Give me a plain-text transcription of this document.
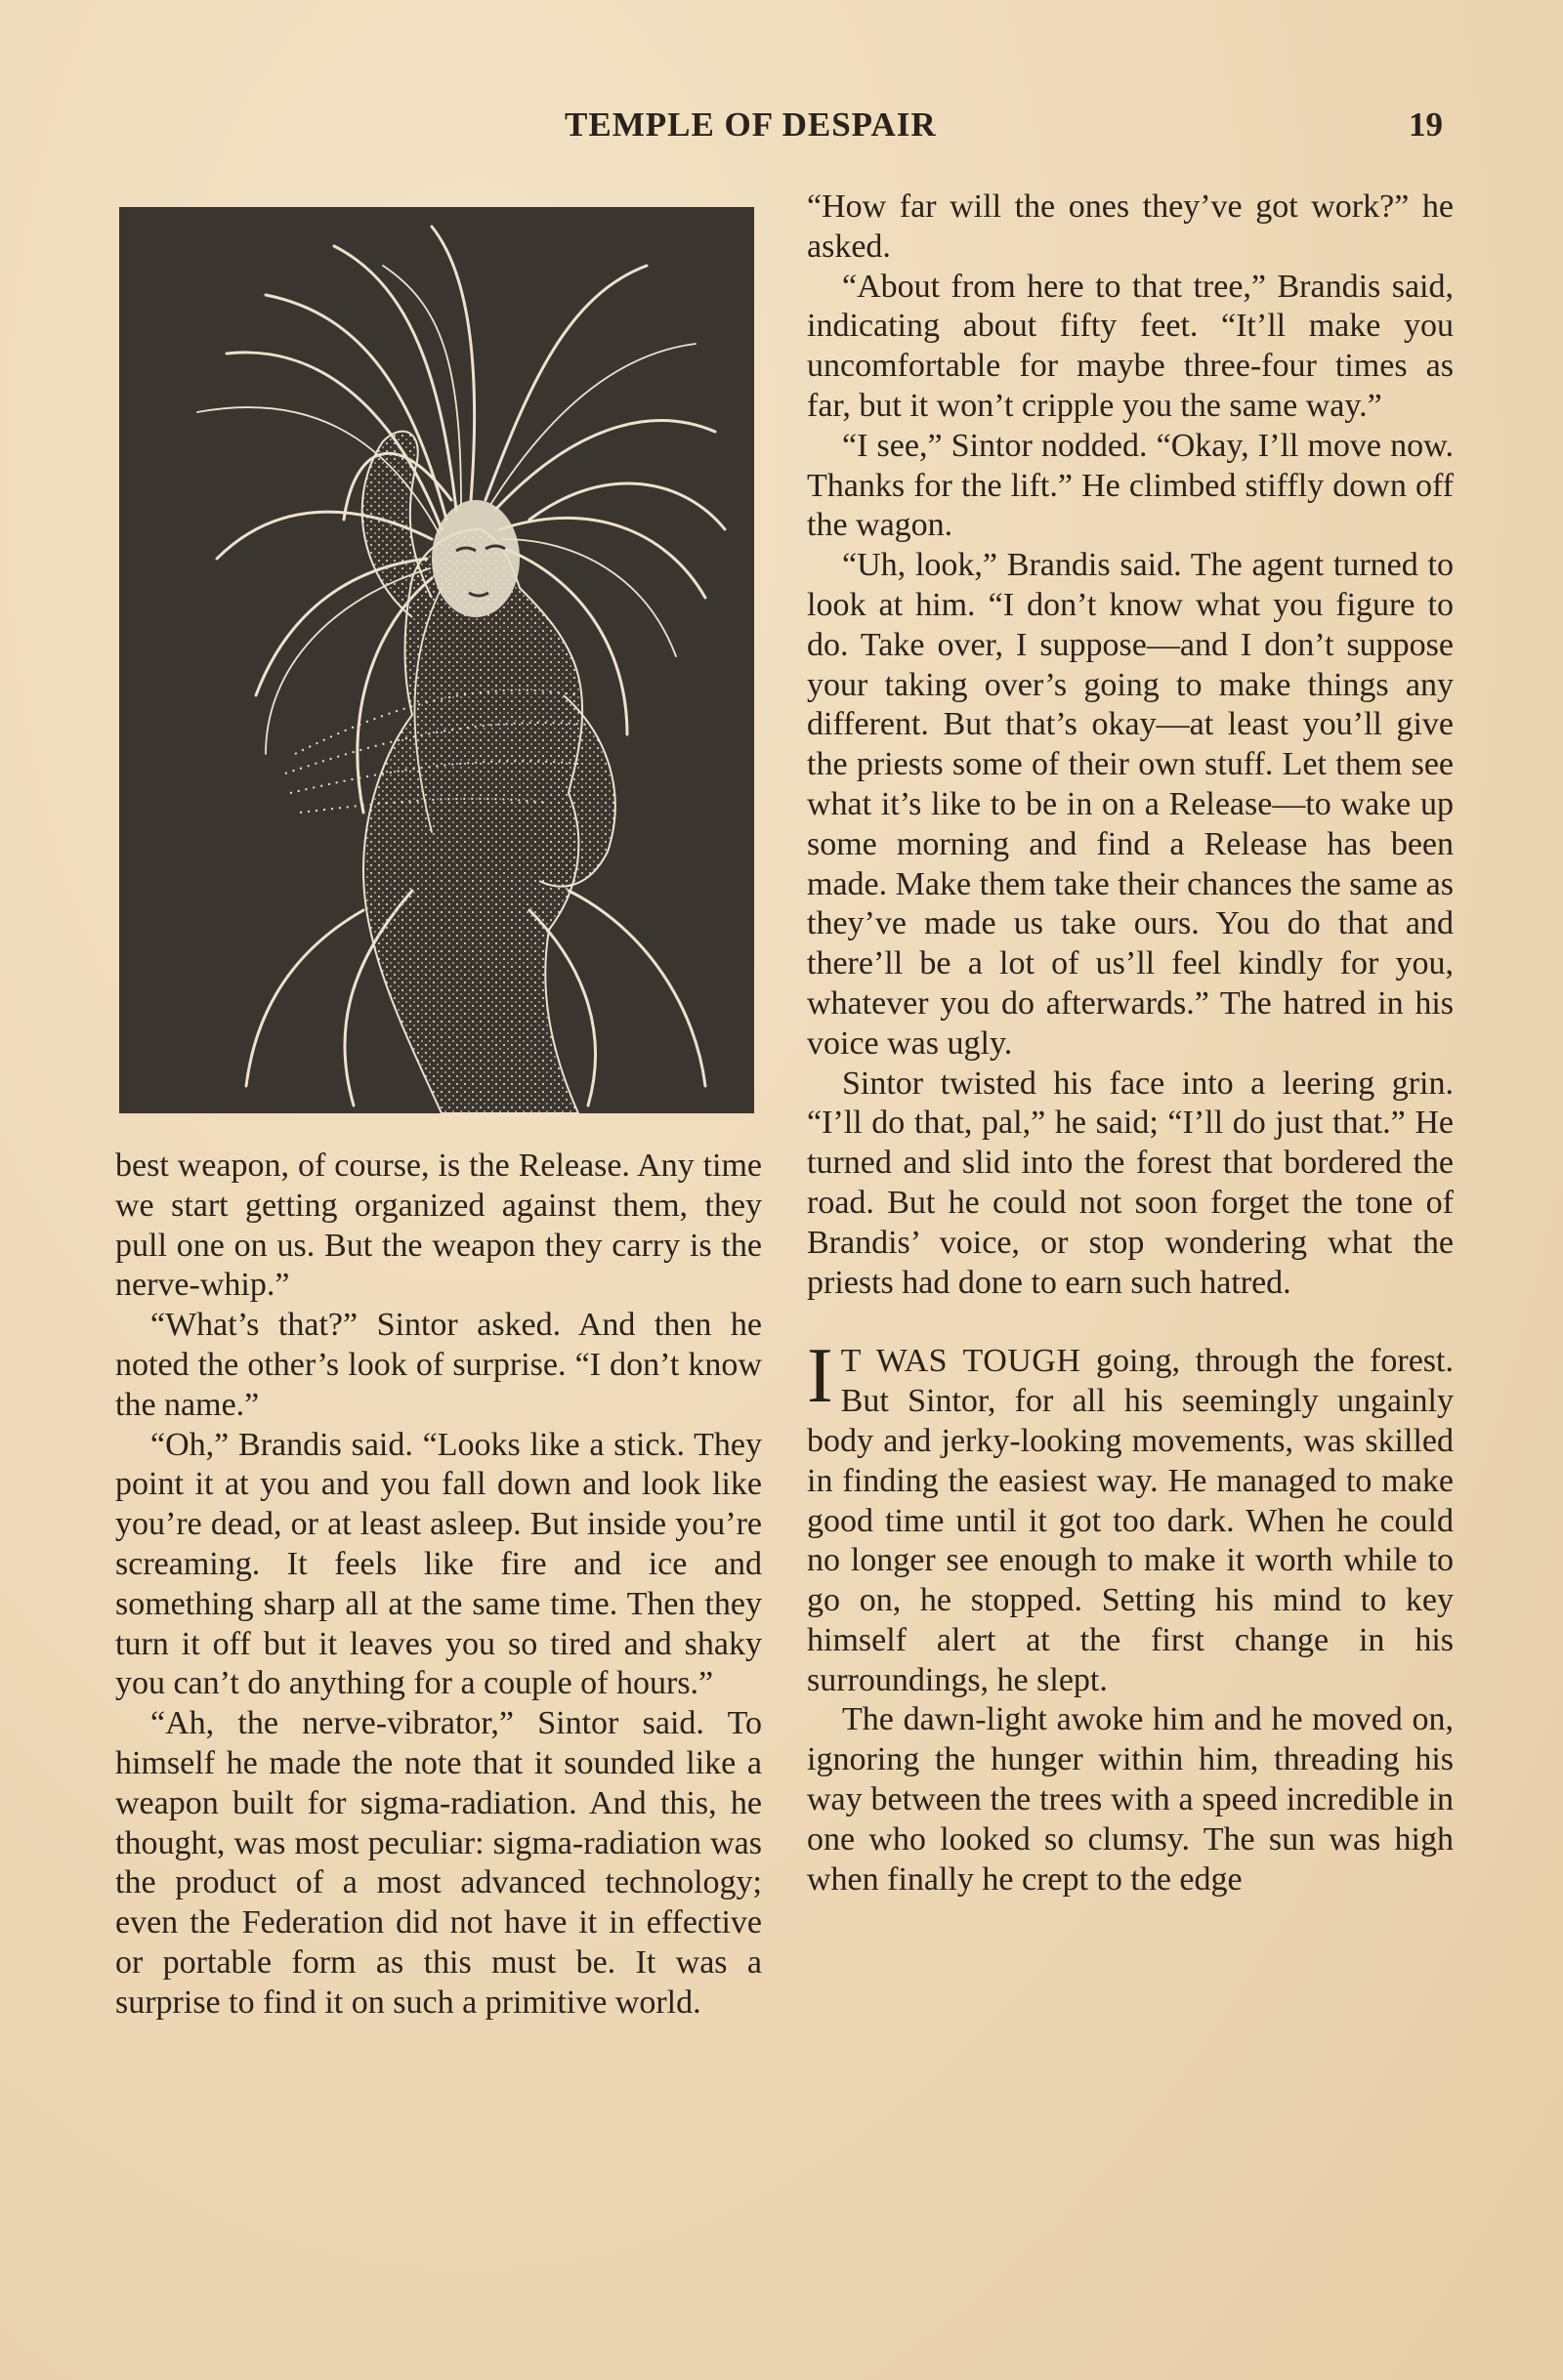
TEMPLE OF DESPAIR	19

best weapon, of course, is the Release. Any time we start getting organized against them, they pull one on us. But the weapon they carry is the nerve-whip.”

“What’s that?” Sintor asked. And then he noted the other’s look of surprise. “I don’t know the name.”

“Oh,” Brandis said. “Looks like a stick. They point it at you and you fall down and look like you’re dead, or at least asleep. But inside you’re screaming. It feels like fire and ice and something sharp all at the same time. Then they turn it off but it leaves you so tired and shaky you can’t do anything for a couple of hours.”

“Ah, the nerve-vibrator,” Sintor said. To himself he made the note that it sounded like a weapon built for sigma-radiation. And this, he thought, was most peculiar: sigma-radiation was the product of a most advanced technology; even the Federation did not have it in effective or portable form as this must be. It was a surprise to find it on such a primitive world.

“How far will the ones they’ve got work?” he asked.

“About from here to that tree,” Brandis said, indicating about fifty feet. “It’ll make you uncomfortable for maybe three-four times as far, but it won’t cripple you the same way.”

“I see,” Sintor nodded. “Okay, I’ll move now. Thanks for the lift.” He climbed stiffly down off the wagon.

“Uh, look,” Brandis said. The agent turned to look at him. “I don’t know what you figure to do. Take over, I suppose—and I don’t suppose your taking over’s going to make things any different. But that’s okay—at least you’ll give the priests some of their own stuff. Let them see what it’s like to be in on a Release—to wake up some morning and find a Release has been made. Make them take their chances the same as they’ve made us take ours. You do that and there’ll be a lot of us’ll feel kindly for you, whatever you do afterwards.” The hatred in his voice was ugly.

Sintor twisted his face into a leering grin. “I’ll do that, pal,” he said; “I’ll do just that.” He turned and slid into the forest that bordered the road. But he could not soon forget the tone of Brandis’ voice, or stop wondering what the priests had done to earn such hatred.

I T WAS TOUGH going, through the forest. But Sintor, for all his seemingly ungainly body and jerky-looking movements, was skilled in finding the easiest way. He managed to make good time until it got too dark. When he could no longer see enough to make it worth while to go on, he stopped. Setting his mind to key himself alert at the first change in his surroundings, he slept.

The dawn-light awoke him and he moved on, ignoring the hunger within him, threading his way between the trees with a speed incredible in one who looked so clumsy. The sun was high when finally he crept to the edge
